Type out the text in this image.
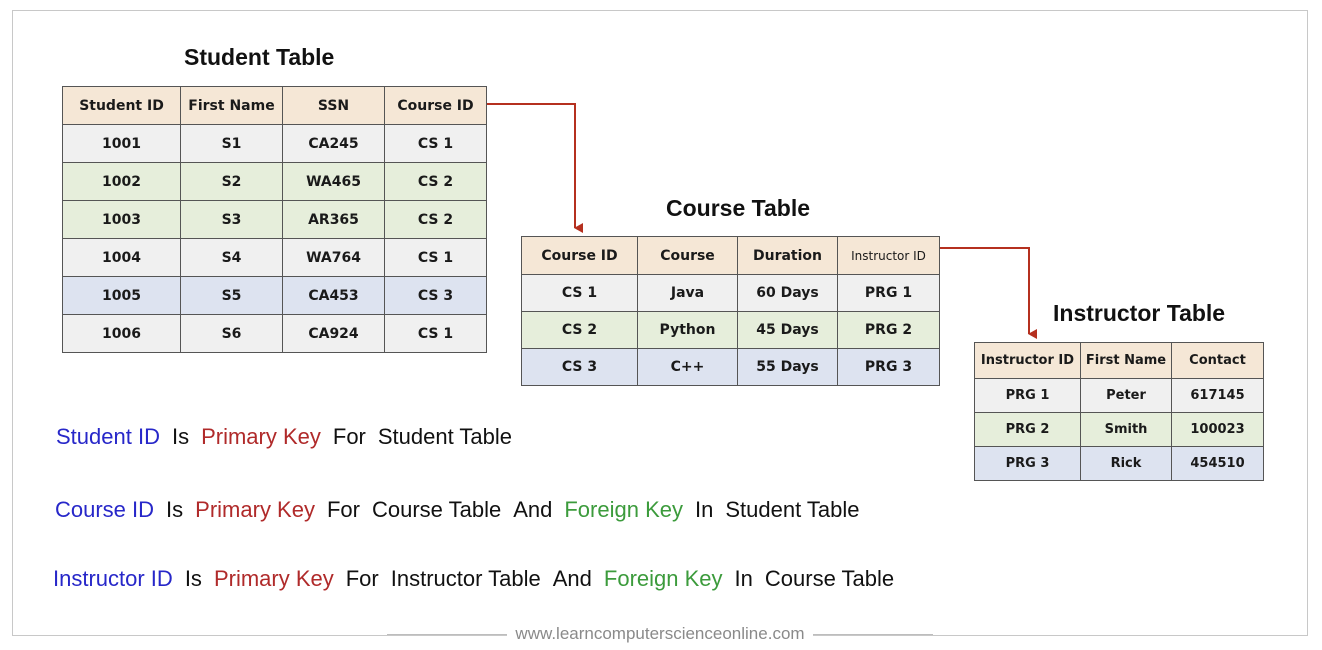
Student Table
Student ID	First Name	SSN	Course ID
1001	S1	CA245	CS 1
1002	S2	WA465	CS 2
1003	S3	AR365	CS 2
1004	S4	WA764	CS 1
1005	S5	CA453	CS 3
1006	S6	CA924	CS 1
Course Table
Course ID	Course	Duration	Instructor ID
CS 1	Java	60 Days	PRG 1
CS 2	Python	45 Days	PRG 2
CS 3	C++	55 Days	PRG 3
Instructor Table
Instructor ID	First Name	Contact
PRG 1	Peter	617145
PRG 2	Smith	100023
PRG 3	Rick	454510
Student ID Is Primary Key For Student Table
Course ID Is Primary Key For Course Table And Foreign Key In Student Table
Instructor ID Is Primary Key For Instructor Table And Foreign Key In Course Table
www.learncomputerscienceonline.com
